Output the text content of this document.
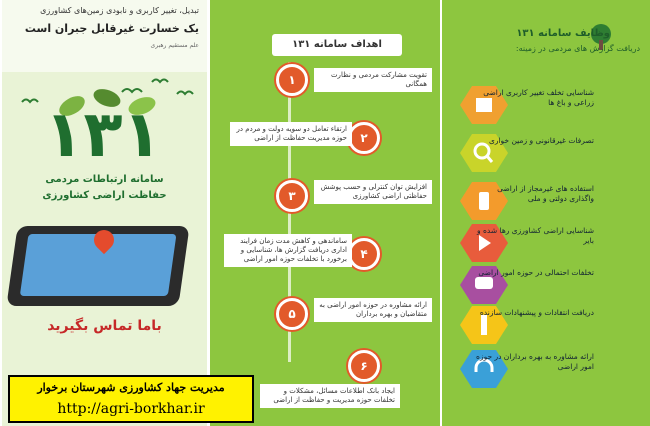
تبدیل، تغییر کاربری و نابودی زمین‌های کشاورزی
یک خسارت غیرقابل جبران است
علم مستقیم رهبری
۱۳۱
سامانه ارتباطات مردمی
حفاظت اراضی کشاورزی
باما تماس بگیرید
اهداف سامانه ۱۳۱
۱	تقویت مشارکت مردمی و نظارت همگانی
۲
ارتقاء تعامل دو سویه دولت و مردم در حوزه مدیریت حفاظت از اراضی
۳
افزایش توان کنترلی و حسب پوشش حفاظتی اراضی کشاورزی
۴
ساماندهی و کاهش مدت زمان فرایند اداری دریافت گزارش ها، شناسایی و برخورد با تخلفات حوزه امور اراضی
۵
ارائه مشاوره در حوزه امور اراضی به متقاضیان و بهره برداران
۶
ایجاد بانک اطلاعات مسائل، مشکلات و تخلفات حوزه مدیریت و حفاظت از اراضی
وظایف سامانه ۱۳۱
دریافت گزارش های مردمی در زمینه:
شناسایی تخلف تغییر کاربری اراضی زراعی و باغ ها
تصرفات غیرقانونی و زمین خواری
استفاده های غیرمجاز از اراضی واگذاری دولتی و ملی
شناسایی اراضی کشاورزی رها شده و بایر
تخلفات احتمالی در حوزه امور اراضی
دریافت انتقادات و پیشنهادات سازنده
ارائه مشاوره به بهره برداران در حوزه امور اراضی
مدیریت جهاد کشاورزی شهرستان برخوار
http://agri-borkhar.ir
